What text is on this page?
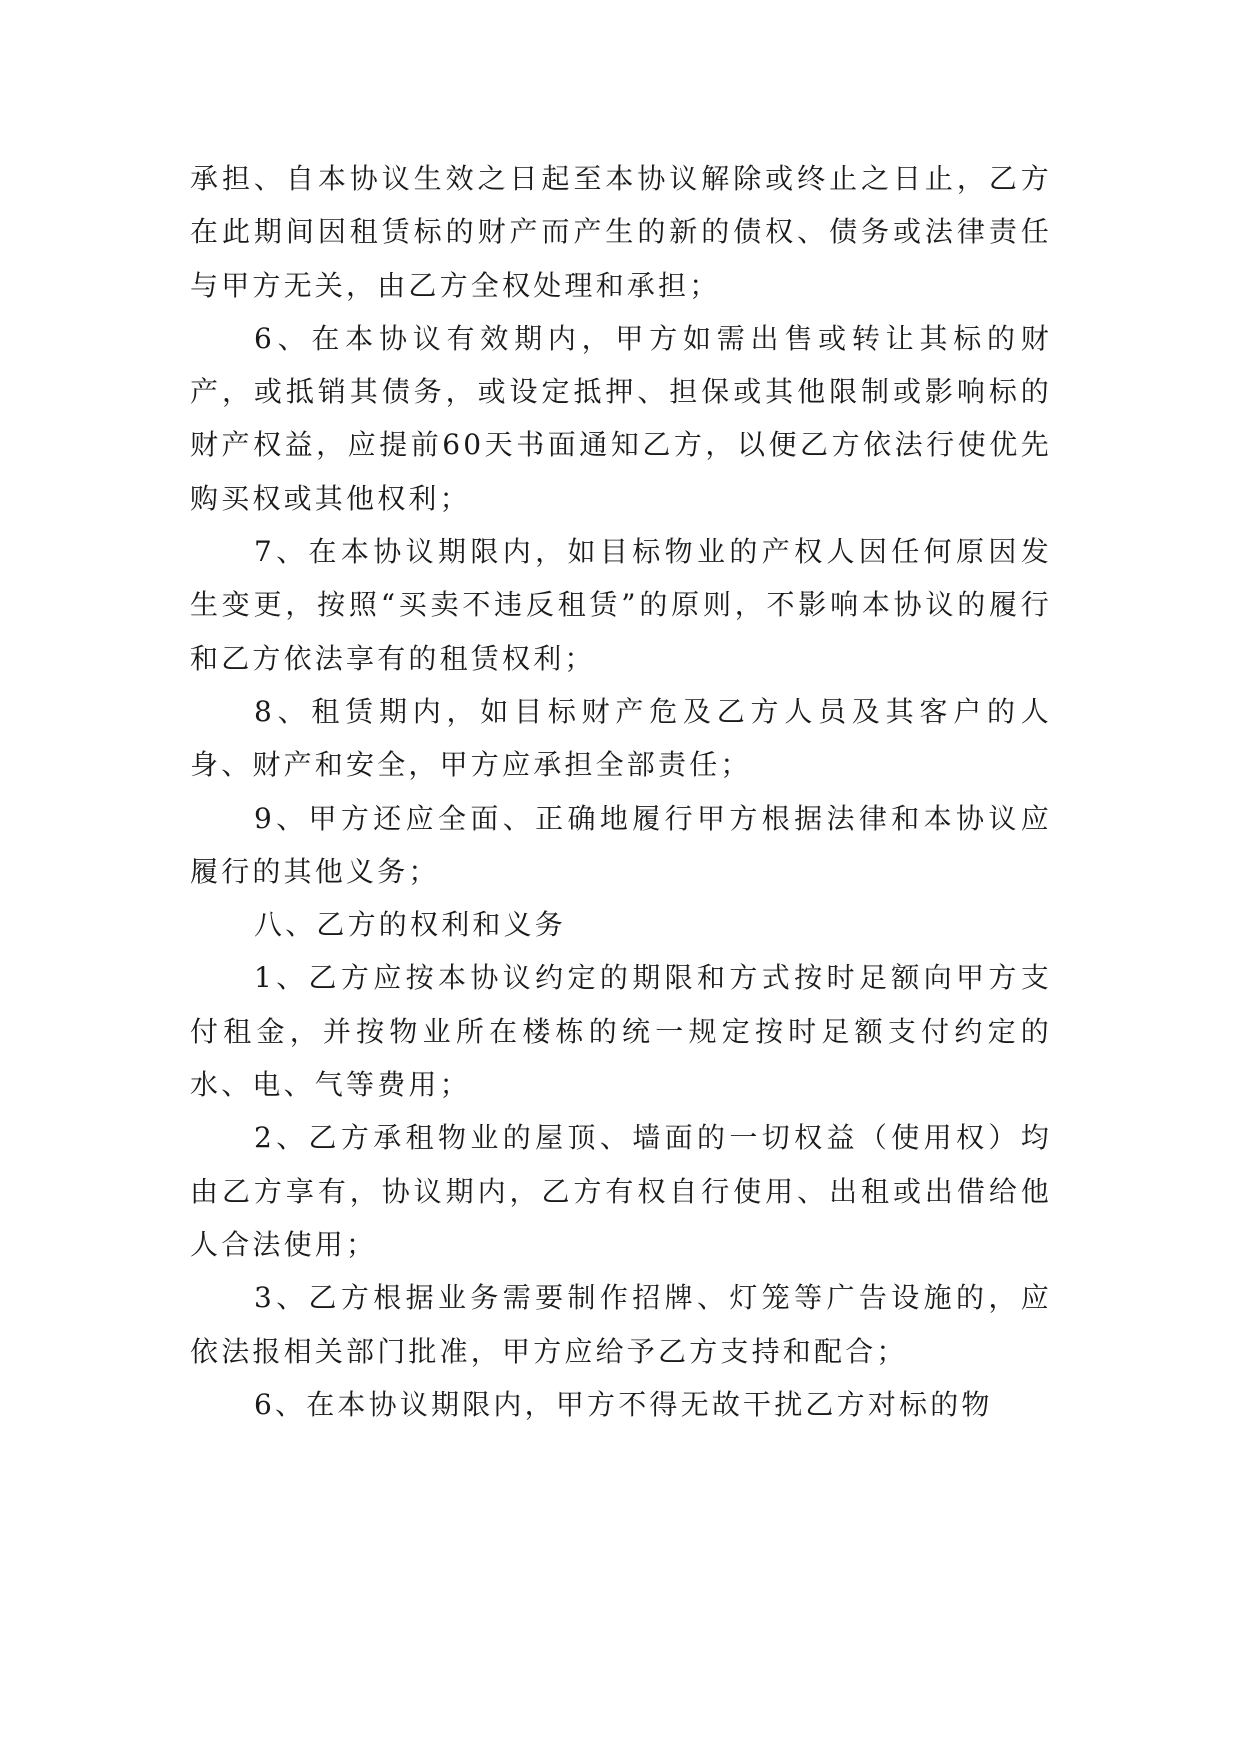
承担、自本协议生效之日起至本协议解除或终止之日止，乙方在此期间因租赁标的财产而产生的新的债权、债务或法律责任与甲方无关，由乙方全权处理和承担；

6、在本协议有效期内，甲方如需出售或转让其标的财产，或抵销其债务，或设定抵押、担保或其他限制或影响标的财产权益，应提前60天书面通知乙方，以便乙方依法行使优先购买权或其他权利；

7、在本协议期限内，如目标物业的产权人因任何原因发生变更，按照“买卖不违反租赁”的原则，不影响本协议的履行和乙方依法享有的租赁权利；

8、租赁期内，如目标财产危及乙方人员及其客户的人身、财产和安全，甲方应承担全部责任；

9、甲方还应全面、正确地履行甲方根据法律和本协议应履行的其他义务；

八、乙方的权利和义务

1、乙方应按本协议约定的期限和方式按时足额向甲方支付租金，并按物业所在楼栋的统一规定按时足额支付约定的水、电、气等费用；

2、乙方承租物业的屋顶、墙面的一切权益（使用权）均由乙方享有，协议期内，乙方有权自行使用、出租或出借给他人合法使用；

3、乙方根据业务需要制作招牌、灯笼等广告设施的，应依法报相关部门批准，甲方应给予乙方支持和配合；

6、在本协议期限内，甲方不得无故干扰乙方对标的物
